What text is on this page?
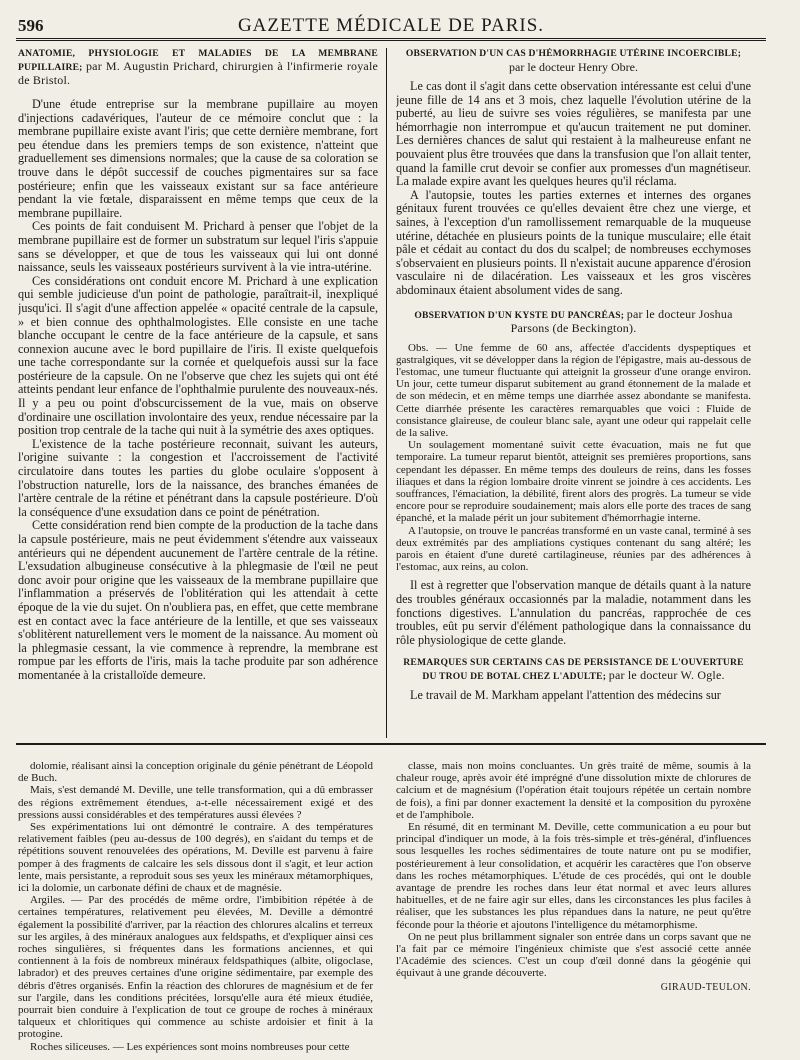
596	GAZETTE MÉDICALE DE PARIS.

ANATOMIE, PHYSIOLOGIE ET MALADIES DE LA MEMBRANE PUPILLAIRE; par M. Augustin Prichard, chirurgien à l'infirmerie royale de Bristol.

D'une étude entreprise sur la membrane pupillaire au moyen d'injections cadavériques, l'auteur de ce mémoire conclut que : la membrane pupillaire existe avant l'iris; que cette dernière membrane, fort peu étendue dans les premiers temps de son existence, n'atteint que graduellement ses dimensions normales; que la cause de sa coloration se trouve dans le dépôt successif de couches pigmentaires sur sa face postérieure; enfin que les vaisseaux existant sur sa face antérieure pendant la vie fœtale, disparaissent en même temps que ceux de la membrane pupillaire.

Ces points de fait conduisent M. Prichard à penser que l'objet de la membrane pupillaire est de former un substratum sur lequel l'iris s'appuie sans se développer, et que de tous les vaisseaux qui lui ont donné naissance, seuls les vaisseaux postérieurs survivent à la vie intra-utérine.

Ces considérations ont conduit encore M. Prichard à une explication qui semble judicieuse d'un point de pathologie, paraîtrait-il, inexpliqué jusqu'ici. Il s'agit d'une affection appelée « opacité centrale de la capsule, » et bien connue des ophthalmologistes. Elle consiste en une tache blanche occupant le centre de la face antérieure de la capsule, et sans connexion aucune avec le bord pupillaire de l'iris. Il existe quelquefois une tache correspondante sur la cornée et quelquefois aussi sur la face postérieure de la capsule. On ne l'observe que chez les sujets qui ont été atteints pendant leur enfance de l'ophthalmie purulente des nouveaux-nés. Il y a peu ou point d'obscurcissement de la vue, mais on observe d'ordinaire une oscillation involontaire des yeux, rendue nécessaire par la position trop centrale de la tache qui nuit à la symétrie des axes optiques.

L'existence de la tache postérieure reconnait, suivant les auteurs, l'origine suivante : la congestion et l'accroissement de l'activité circulatoire dans toutes les parties du globe oculaire s'opposent à l'obstruction naturelle, lors de la naissance, des branches émanées de l'artère centrale de la rétine et pénétrant dans la capsule postérieure. D'où la conséquence d'une exsudation dans ce point de pénétration.

Cette considération rend bien compte de la production de la tache dans la capsule postérieure, mais ne peut évidemment s'étendre aux vaisseaux antérieurs qui ne dépendent aucunement de l'artère centrale de la rétine. L'exsudation albugineuse consécutive à la phlegmasie de l'œil ne peut donc avoir pour origine que les vaisseaux de la membrane pupillaire que l'inflammation a préservés de l'oblitération qui les attendait à cette époque de la vie du sujet. On n'oubliera pas, en effet, que cette membrane est en contact avec la face antérieure de la lentille, et que ses vaisseaux s'oblitèrent naturellement vers le moment de la naissance. Au moment où la phlegmasie cessant, la vie commence à reprendre, la membrane est rompue par les efforts de l'iris, mais la tache produite par son adhérence momentanée à la cristalloïde demeure.

OBSERVATION D'UN CAS D'HÉMORRHAGIE UTÉRINE INCOERCIBLE;

par le docteur Henry Obre.

Le cas dont il s'agit dans cette observation intéressante est celui d'une jeune fille de 14 ans et 3 mois, chez laquelle l'évolution utérine de la puberté, au lieu de suivre ses voies régulières, se manifesta par une hémorrhagie non interrompue et qu'aucun traitement ne put dominer. Les dernières chances de salut qui restaient à la malheureuse enfant ne pouvaient plus être trouvées que dans la transfusion que l'on allait tenter, quand la famille crut devoir se confier aux promesses d'un magnétiseur. La malade expire avant les quelques heures qu'il réclama.

A l'autopsie, toutes les parties externes et internes des organes génitaux furent trouvées ce qu'elles devaient être chez une vierge, et saines, à l'exception d'un ramollissement remarquable de la muqueuse utérine, détachée en plusieurs points de la tunique musculaire; elle était pâle et cédait au contact du dos du scalpel; de nombreuses ecchymoses s'observaient en plusieurs points. Il n'existait aucune apparence d'érosion vasculaire ni de dilacération. Les vaisseaux et les gros viscères abdominaux étaient absolument vides de sang.

OBSERVATION D'UN KYSTE DU PANCRÉAS; par le docteur Joshua Parsons (de Beckington).

Obs. — Une femme de 60 ans, affectée d'accidents dyspeptiques et gastralgiques, vit se développer dans la région de l'épigastre, mais au-dessous de l'estomac, une tumeur fluctuante qui atteignit la grosseur d'une orange environ. Un jour, cette tumeur disparut subitement au grand étonnement de la malade et de son médecin, et en même temps une diarrhée assez abondante se manifesta. Cette diarrhée présente les caractères remarquables que voici : Fluide de consistance glaireuse, de couleur blanc sale, ayant une odeur qui rappelait celle de la salive.

Un soulagement momentané suivit cette évacuation, mais ne fut que temporaire. La tumeur reparut bientôt, atteignit ses premières proportions, sans cependant les dépasser. En même temps des douleurs de reins, dans les fosses iliaques et dans la région lombaire droite vinrent se joindre à ces accidents. Les souffrances, l'émaciation, la débilité, firent alors des progrès. La tumeur se vide encore pour se reproduire soudainement; mais alors elle porte des traces de sang épanché, et la malade périt un jour subitement d'hémorrhagie interne.

A l'autopsie, on trouve le pancréas transformé en un vaste canal, terminé à ses deux extrémités par des ampliations cystiques contenant du sang altéré; les parois en étaient d'une dureté cartilagineuse, réunies par des adhérences à l'estomac, aux reins, au colon.

Il est à regretter que l'observation manque de détails quant à la nature des troubles généraux occasionnés par la maladie, notamment dans les fonctions digestives. L'annulation du pancréas, rapprochée de ces troubles, eût pu servir d'élément pathologique dans la connaissance du rôle physiologique de cette glande.

REMARQUES SUR CERTAINS CAS DE PERSISTANCE DE L'OUVERTURE DU TROU DE BOTAL CHEZ L'ADULTE; par le docteur W. Ogle.

Le travail de M. Markham appelant l'attention des médecins sur

dolomie, réalisant ainsi la conception originale du génie pénétrant de Léopold de Buch.

Mais, s'est demandé M. Deville, une telle transformation, qui a dû embrasser des régions extrêmement étendues, a-t-elle nécessairement exigé et des pressions aussi considérables et des températures aussi élevées ?

Ses expérimentations lui ont démontré le contraire. A des températures relativement faibles (peu au-dessus de 100 degrés), en s'aidant du temps et de répétitions souvent renouvelées des opérations, M. Deville est parvenu à faire pomper à des fragments de calcaire les sels dissous dont il s'agit, et leur action lente, mais persistante, a reproduit sous ses yeux les minéraux métamorphiques, ici la dolomie, un carbonate défini de chaux et de magnésie.

Argiles. — Par des procédés de même ordre, l'imbibition répétée à de certaines températures, relativement peu élevées, M. Deville a démontré également la possibilité d'arriver, par la réaction des chlorures alcalins et terreux sur les argiles, à des minéraux analogues aux feldspaths, et d'expliquer ainsi ces roches singulières, si fréquentes dans les formations anciennes, et qui contiennent à la fois de nombreux minéraux feldspathiques (albite, oligoclase, labrador) et des preuves certaines d'une origine sédimentaire, par exemple des débris d'êtres organisés. Enfin la réaction des chlorures de magnésium et de fer sur l'argile, dans les conditions précitées, lorsqu'elle aura été mieux étudiée, pourrait bien conduire à l'explication de tout ce groupe de roches à minéraux talqueux et chloritiques qui commence au schiste ardoisier et finit à la protogine.

Roches siliceuses. — Les expériences sont moins nombreuses pour cette

classe, mais non moins concluantes. Un grès traité de même, soumis à la chaleur rouge, après avoir été imprégné d'une dissolution mixte de chlorures de calcium et de magnésium (l'opération était toujours répétée un certain nombre de fois), a fini par donner exactement la densité et la composition du pyroxène et de l'amphibole.

En résumé, dit en terminant M. Deville, cette communication a eu pour but principal d'indiquer un mode, à la fois très-simple et très-général, d'influences sous lesquelles les roches sédimentaires de toute nature ont pu se modifier, postérieurement à leur consolidation, et acquérir les caractères que l'on observe dans les roches métamorphiques. L'étude de ces procédés, qui ont le double avantage de prendre les roches dans leur état normal et avec leurs allures habituelles, et de ne faire agir sur elles, dans les circonstances les plus faciles à réaliser, que les substances les plus répandues dans la nature, ne peut qu'être féconde pour la théorie et ajoutons l'intelligence du métamorphisme.

On ne peut plus brillamment signaler son entrée dans un corps savant que ne l'a fait par ce mémoire l'ingénieux chimiste que s'est associé cette année l'Académie des sciences. C'est un coup d'œil donné dans la géogénie qui équivaut à une grande découverte.

GIRAUD-TEULON.
